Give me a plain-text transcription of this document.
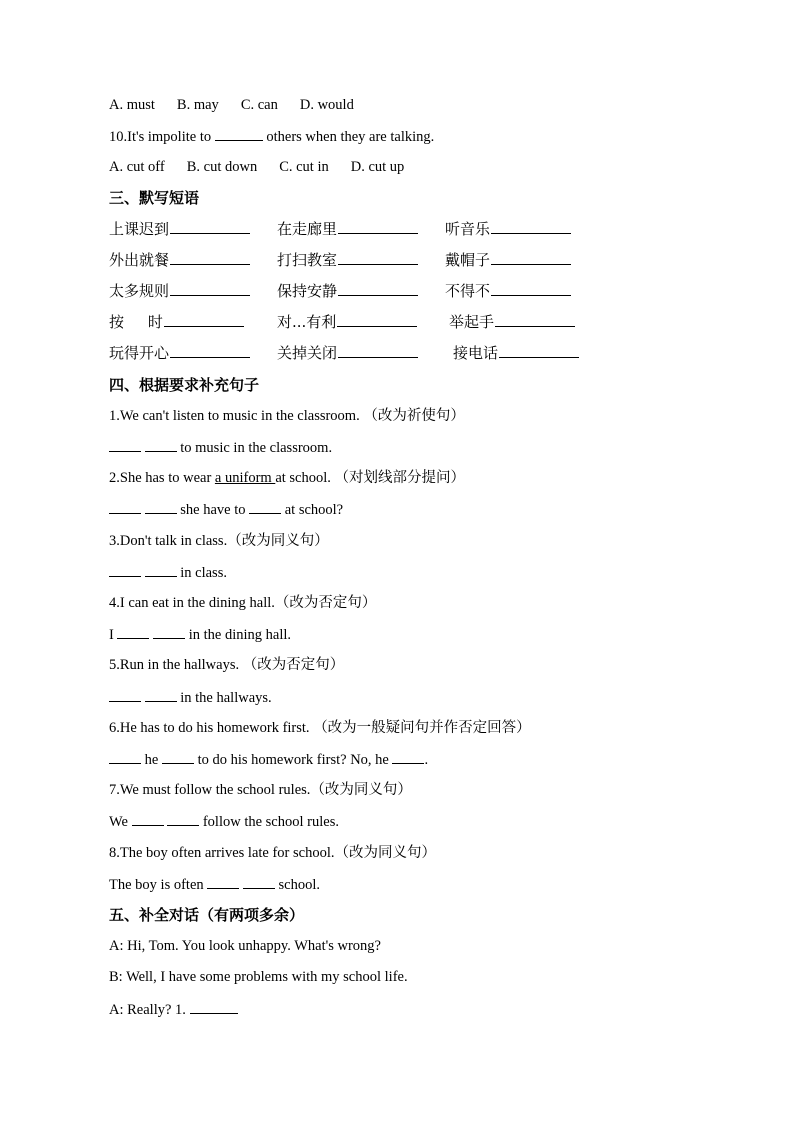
A. must B. may C. can D. would
10.It's impolite to	others when they are talking.
A. cut off B. cut down C. cut in D. cut up
三、默写短语
上课迟到	在走廊里	听音乐
外出就餐	打扫教室	戴帽子
太多规则	保持安静	不得不
按     时	对...有利	举起手
玩得开心	关掉关闭	接电话
四、根据要求补充句子
1.We can't listen to music in the classroom. （改为祈使句）
to music in the classroom.
2.She has to wear a uniform at school. （对划线部分提问）
she have to	at school?
3.Don't talk in class.（改为同义句）
in class.
4.I can eat in the dining hall.（改为否定句）
I	in the dining hall.
5.Run in the hallways. （改为否定句）
in the hallways.
6.He has to do his homework first. （改为一般疑问句并作否定回答）
he	to do his homework first? No, he .
7.We must follow the school rules.（改为同义句）
We	follow the school rules.
8.The boy often arrives late for school.（改为同义句）
The boy is often	school.
五、补全对话（有两项多余）
A: Hi, Tom. You look unhappy. What's wrong?
B: Well, I have some problems with my school life.
A: Really? 1.
